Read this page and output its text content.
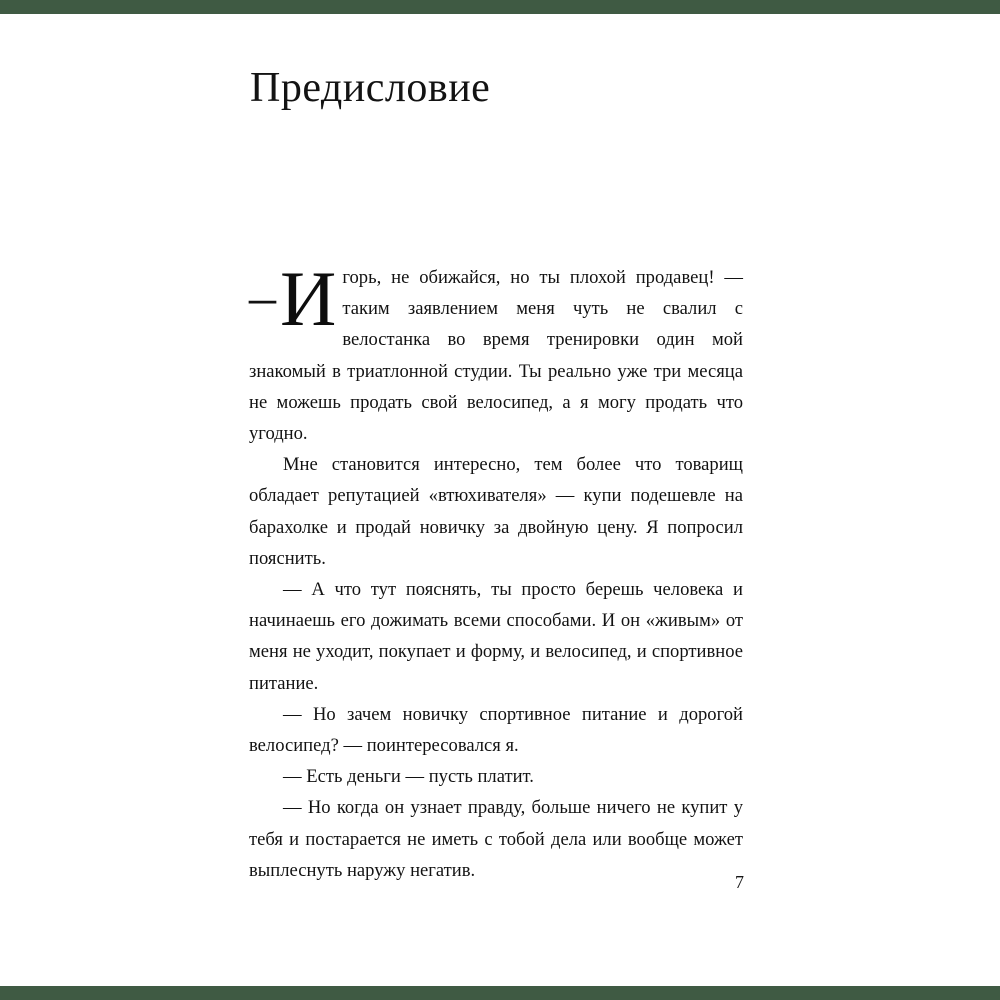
Предисловие

– И горь, не обижайся, но ты плохой продавец! — таким заявлением меня чуть не свалил с велостанка во время тренировки один мой знакомый в триатлонной студии. Ты реально уже три месяца не можешь продать свой велосипед, а я могу продать что угодно.

Мне становится интересно, тем более что товарищ обладает репутацией «втюхивателя» — купи подешевле на барахолке и продай новичку за двойную цену. Я попросил пояснить.

— А что тут пояснять, ты просто берешь человека и начинаешь его дожимать всеми способами. И он «живым» от меня не уходит, покупает и форму, и велосипед, и спортивное питание.

— Но зачем новичку спортивное питание и дорогой велосипед? — поинтересовался я.

— Есть деньги — пусть платит.

— Но когда он узнает правду, больше ничего не купит у тебя и постарается не иметь с тобой дела или вообще может выплеснуть наружу негатив.

7
